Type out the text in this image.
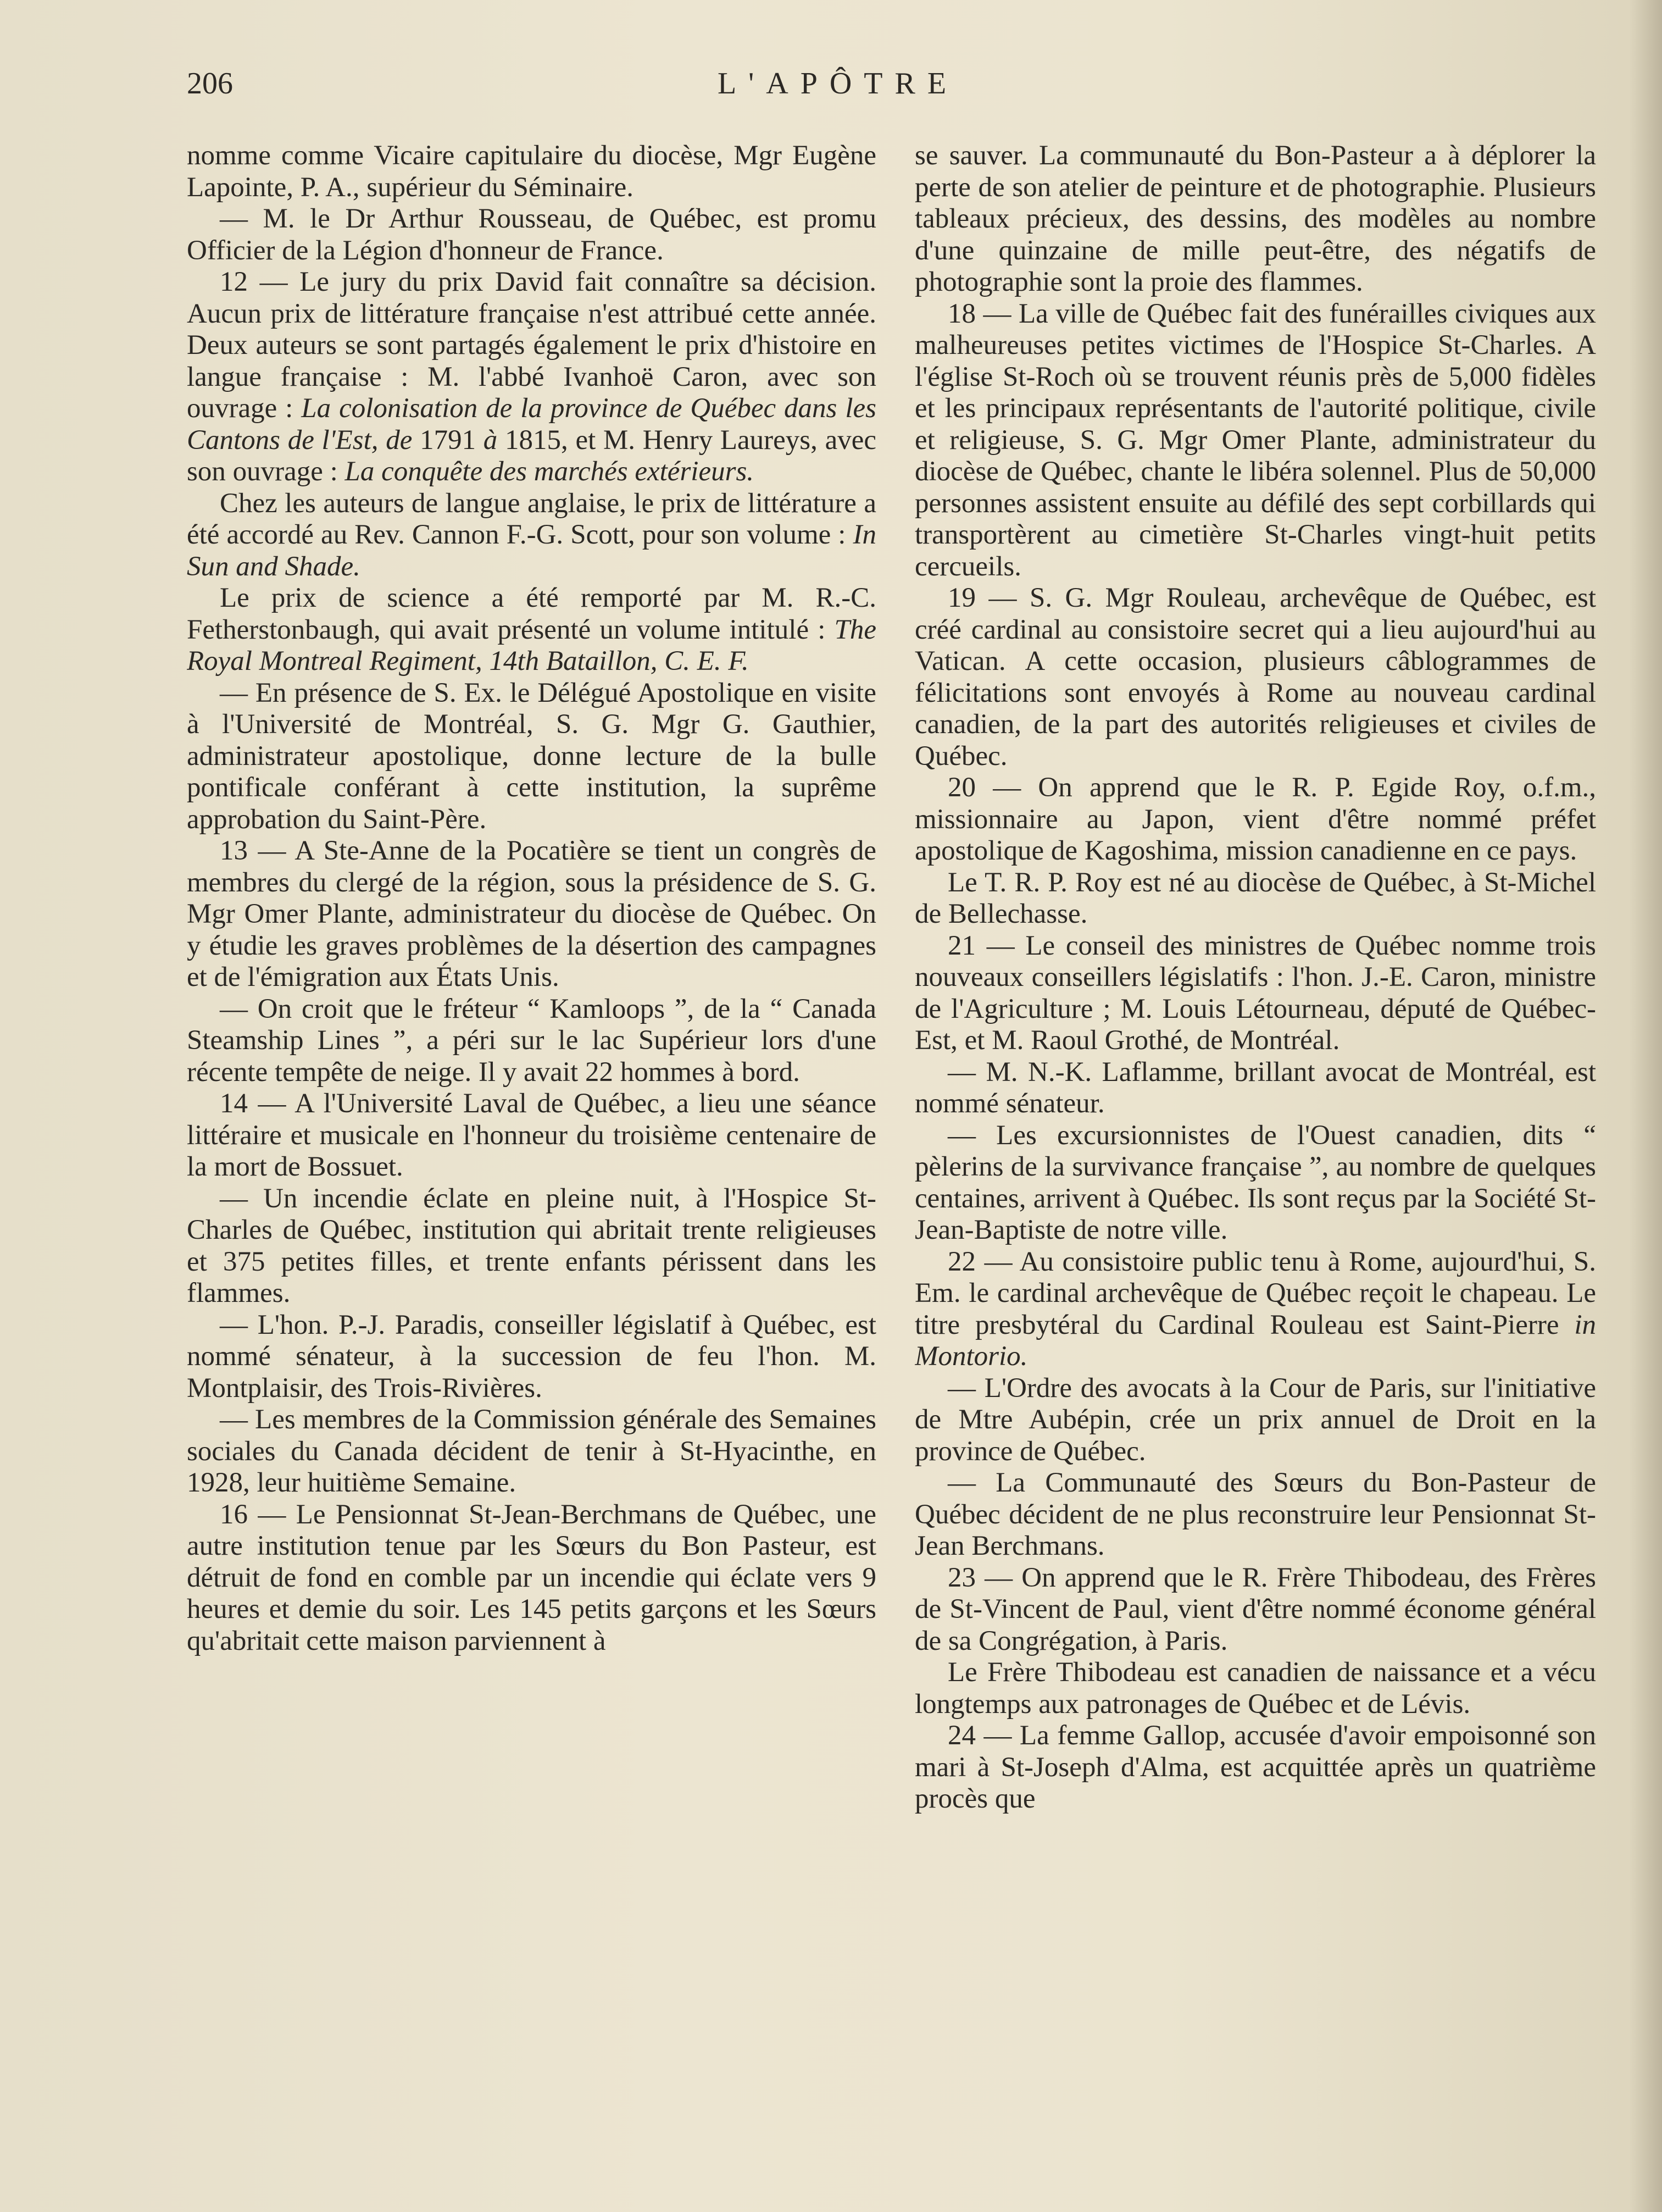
206	L'APÔTRE

nomme comme Vicaire capitulaire du diocèse, Mgr Eugène Lapointe, P. A., supérieur du Séminaire.

— M. le Dr Arthur Rousseau, de Québec, est promu Officier de la Légion d'honneur de France.

12 — Le jury du prix David fait connaître sa décision. Aucun prix de littérature française n'est attribué cette année. Deux auteurs se sont partagés également le prix d'histoire en langue française : M. l'abbé Ivanhoë Caron, avec son ouvrage : La colonisation de la province de Québec dans les Cantons de l'Est, de 1791 à 1815, et M. Henry Laureys, avec son ouvrage : La conquête des marchés extérieurs.

Chez les auteurs de langue anglaise, le prix de littérature a été accordé au Rev. Cannon F.-G. Scott, pour son volume : In Sun and Shade.

Le prix de science a été remporté par M. R.-C. Fetherstonbaugh, qui avait présenté un volume intitulé : The Royal Montreal Regiment, 14th Bataillon, C. E. F.

— En présence de S. Ex. le Délégué Apostolique en visite à l'Université de Montréal, S. G. Mgr G. Gauthier, administrateur apostolique, donne lecture de la bulle pontificale conférant à cette institution, la suprême approbation du Saint-Père.

13 — A Ste-Anne de la Pocatière se tient un congrès de membres du clergé de la région, sous la présidence de S. G. Mgr Omer Plante, administrateur du diocèse de Québec. On y étudie les graves problèmes de la désertion des campagnes et de l'émigration aux États Unis.

— On croit que le fréteur “ Kamloops ”, de la “ Canada Steamship Lines ”, a péri sur le lac Supérieur lors d'une récente tempête de neige. Il y avait 22 hommes à bord.

14 — A l'Université Laval de Québec, a lieu une séance littéraire et musicale en l'honneur du troisième centenaire de la mort de Bossuet.

— Un incendie éclate en pleine nuit, à l'Hospice St-Charles de Québec, institution qui abritait trente religieuses et 375 petites filles, et trente enfants périssent dans les flammes.

— L'hon. P.-J. Paradis, conseiller législatif à Québec, est nommé sénateur, à la succession de feu l'hon. M. Montplaisir, des Trois-Rivières.

— Les membres de la Commission générale des Semaines sociales du Canada décident de tenir à St-Hyacinthe, en 1928, leur huitième Semaine.

16 — Le Pensionnat St-Jean-Berchmans de Québec, une autre institution tenue par les Sœurs du Bon Pasteur, est détruit de fond en comble par un incendie qui éclate vers 9 heures et demie du soir. Les 145 petits garçons et les Sœurs qu'abritait cette maison parviennent à

se sauver. La communauté du Bon-Pasteur a à déplorer la perte de son atelier de peinture et de photographie. Plusieurs tableaux précieux, des dessins, des modèles au nombre d'une quinzaine de mille peut-être, des négatifs de photographie sont la proie des flammes.

18 — La ville de Québec fait des funérailles civiques aux malheureuses petites victimes de l'Hospice St-Charles. A l'église St-Roch où se trouvent réunis près de 5,000 fidèles et les principaux représentants de l'autorité politique, civile et religieuse, S. G. Mgr Omer Plante, administrateur du diocèse de Québec, chante le libéra solennel. Plus de 50,000 personnes assistent ensuite au défilé des sept corbillards qui transportèrent au cimetière St-Charles vingt-huit petits cercueils.

19 — S. G. Mgr Rouleau, archevêque de Québec, est créé cardinal au consistoire secret qui a lieu aujourd'hui au Vatican. A cette occasion, plusieurs câblogrammes de félicitations sont envoyés à Rome au nouveau cardinal canadien, de la part des autorités religieuses et civiles de Québec.

20 — On apprend que le R. P. Egide Roy, o.f.m., missionnaire au Japon, vient d'être nommé préfet apostolique de Kagoshima, mission canadienne en ce pays.

Le T. R. P. Roy est né au diocèse de Québec, à St-Michel de Bellechasse.

21 — Le conseil des ministres de Québec nomme trois nouveaux conseillers législatifs : l'hon. J.-E. Caron, ministre de l'Agriculture ; M. Louis Létourneau, député de Québec-Est, et M. Raoul Grothé, de Montréal.

— M. N.-K. Laflamme, brillant avocat de Montréal, est nommé sénateur.

— Les excursionnistes de l'Ouest canadien, dits “ pèlerins de la survivance française ”, au nombre de quelques centaines, arrivent à Québec. Ils sont reçus par la Société St-Jean-Baptiste de notre ville.

22 — Au consistoire public tenu à Rome, aujourd'hui, S. Em. le cardinal archevêque de Québec reçoit le chapeau. Le titre presbytéral du Cardinal Rouleau est Saint-Pierre in Montorio.

— L'Ordre des avocats à la Cour de Paris, sur l'initiative de Mtre Aubépin, crée un prix annuel de Droit en la province de Québec.

— La Communauté des Sœurs du Bon-Pasteur de Québec décident de ne plus reconstruire leur Pensionnat St-Jean Berchmans.

23 — On apprend que le R. Frère Thibodeau, des Frères de St-Vincent de Paul, vient d'être nommé économe général de sa Congrégation, à Paris.

Le Frère Thibodeau est canadien de naissance et a vécu longtemps aux patronages de Québec et de Lévis.

24 — La femme Gallop, accusée d'avoir empoisonné son mari à St-Joseph d'Alma, est acquittée après un quatrième procès que
